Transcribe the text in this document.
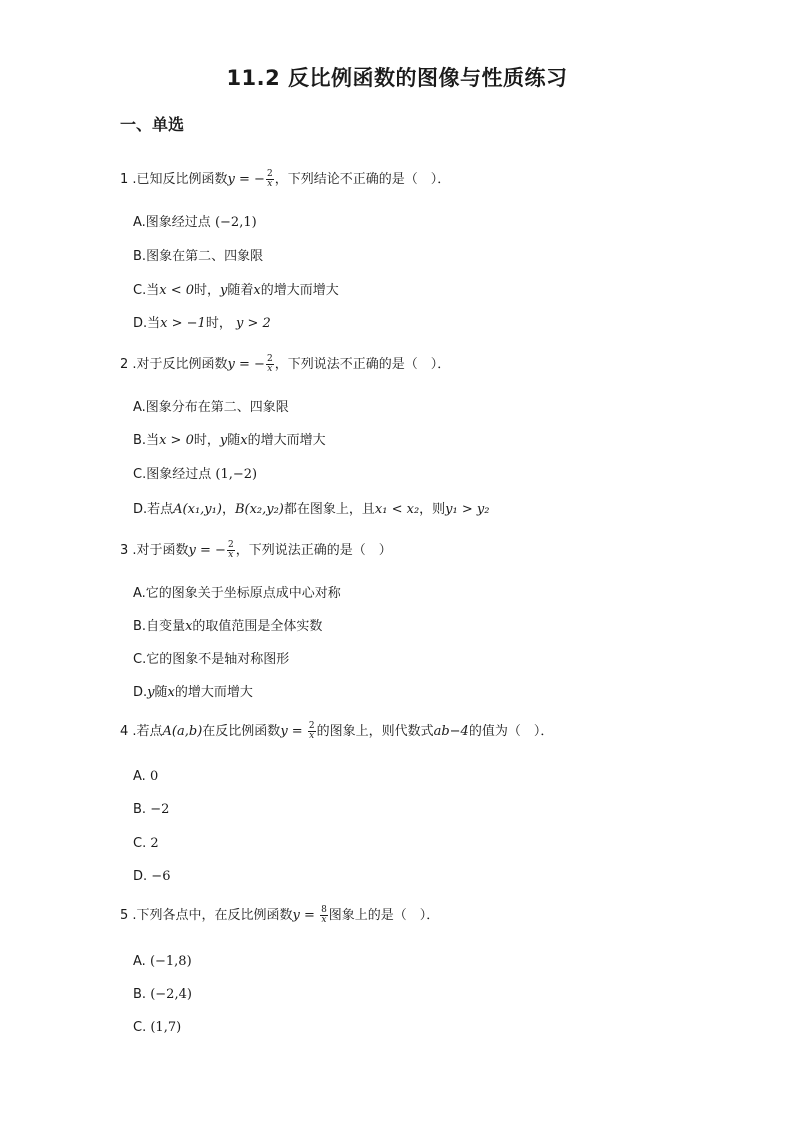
11.2 反比例函数的图像与性质练习
一、单选
1 .已知反比例函数y = − $\frac{2}{x}$ ，下列结论不正确的是（　）．
A.图象经过点 (−2,1)
B.图象在第二、四象限
C.当x < 0时，y随着x的增大而增大
D.当x > −1时， y > 2
2 .对于反比例函数y = − $\frac{2}{x}$ ，下列说法不正确的是（　）．
A.图象分布在第二、四象限
B.当x > 0时，y随x的增大而增大
C.图象经过点 (1,−2)
D.若点A(x₁,y₁)，B(x₂,y₂)都在图象上，且x₁ < x₂，则y₁ > y₂
3 .对于函数y = − $\frac{2}{x}$ ，下列说法正确的是（　）
A.它的图象关于坐标原点成中心对称
B.自变量x的取值范围是全体实数
C.它的图象不是轴对称图形
D.y随x的增大而增大
4 .若点A(a,b)在反比例函数$y = \frac{2}{x}$ 的图象上，则代数式ab−4的值为（　）．
A. 0
B. −2
C. 2
D. −6
5 .下列各点中，在反比例函数$y = \frac{8}{x}$ 图象上的是（　）．
A. (−1,8)
B. (−2,4)
C. (1,7)
